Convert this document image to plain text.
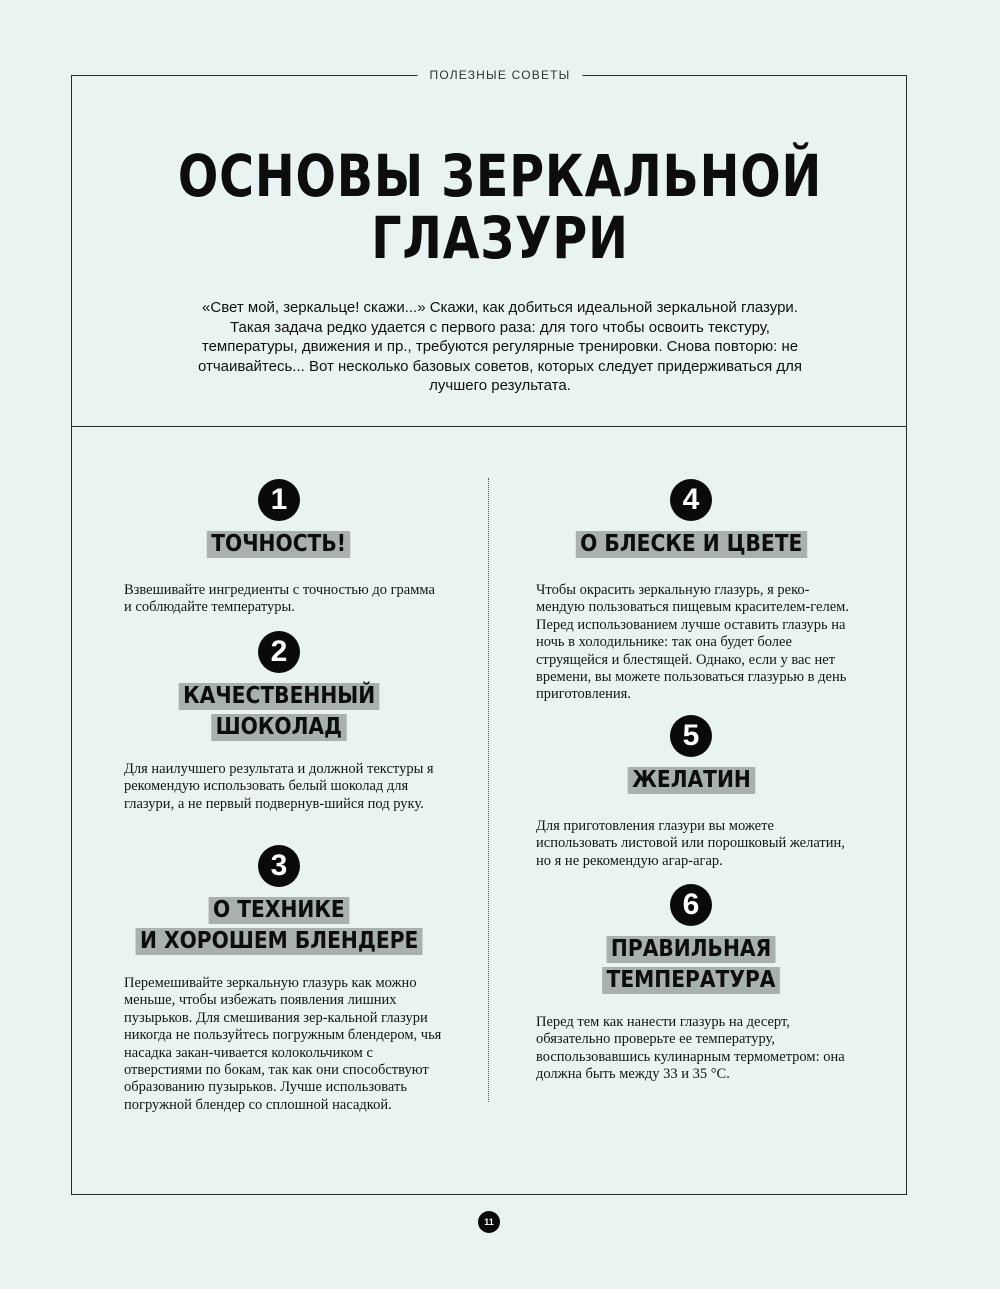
ПОЛЕЗНЫЕ СОВЕТЫ
ОСНОВЫ ЗЕРКАЛЬНОЙ
ГЛАЗУРИ

«Свет мой, зеркальце! скажи...» Скажи, как добиться идеальной зеркальной глазури. Такая задача редко удается с первого раза: для того чтобы освоить текстуру, температуры, движения и пр., требуются регулярные тренировки. Снова повторю: не отчаивайтесь... Вот несколько базовых советов, которых следует придерживаться для лучшего результата.

1
ТОЧНОСТЬ!

Взвешивайте ингредиенты с точностью до грамма и соблюдайте температуры.

2
КАЧЕСТВЕННЫЙ
ШОКОЛАД

Для наилучшего результата и должной текстуры я рекомендую использовать белый шоколад для глазури, а не первый подвернув-шийся под руку.

3
О ТЕХНИКЕ
И ХОРОШЕМ БЛЕНДЕРЕ

Перемешивайте зеркальную глазурь как можно меньше, чтобы избежать появления лишних пузырьков. Для смешивания зер-кальной глазури никогда не пользуйтесь погружным блендером, чья насадка закан-чивается колокольчиком с отверстиями по бокам, так как они способствуют образованию пузырьков. Лучше использовать погружной блендер со сплошной насадкой.

4
О БЛЕСКЕ И ЦВЕТЕ

Чтобы окрасить зеркальную глазурь, я реко-мендую пользоваться пищевым красителем-гелем. Перед использованием лучше оставить глазурь на ночь в холодильнике: так она будет более струящейся и блестящей. Однако, если у вас нет времени, вы можете пользоваться глазурью в день приготовления.

5
ЖЕЛАТИН

Для приготовления глазури вы можете использовать листовой или порошковый желатин, но я не рекомендую агар-агар.

6
ПРАВИЛЬНАЯ
ТЕМПЕРАТУРА

Перед тем как нанести глазурь на десерт, обязательно проверьте ее температуру, воспользовавшись кулинарным термометром: она должна быть между 33 и 35 °C.

11
